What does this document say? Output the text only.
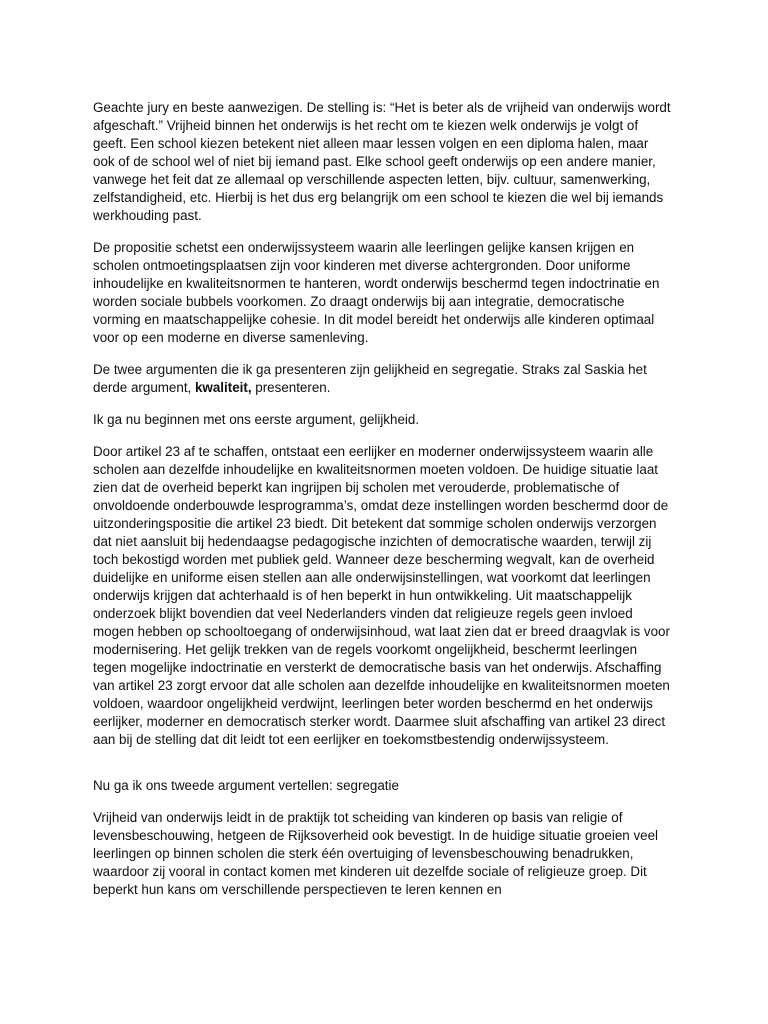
Geachte jury en beste aanwezigen. De stelling is: “Het is beter als de vrijheid van onderwijs wordt afgeschaft.” Vrijheid binnen het onderwijs is het recht om te kiezen welk onderwijs je volgt of geeft. Een school kiezen betekent niet alleen maar lessen volgen en een diploma halen, maar ook of de school wel of niet bij iemand past. Elke school geeft onderwijs op een andere manier, vanwege het feit dat ze allemaal op verschillende aspecten letten, bijv. cultuur, samenwerking, zelfstandigheid, etc. Hierbij is het dus erg belangrijk om een school te kiezen die wel bij iemands werkhouding past.

De propositie schetst een onderwijssysteem waarin alle leerlingen gelijke kansen krijgen en scholen ontmoetingsplaatsen zijn voor kinderen met diverse achtergronden. Door uniforme inhoudelijke en kwaliteitsnormen te hanteren, wordt onderwijs beschermd tegen indoctrinatie en worden sociale bubbels voorkomen. Zo draagt onderwijs bij aan integratie, democratische vorming en maatschappelijke cohesie. In dit model bereidt het onderwijs alle kinderen optimaal voor op een moderne en diverse samenleving.

De twee argumenten die ik ga presenteren zijn gelijkheid en segregatie. Straks zal Saskia het derde argument, kwaliteit, presenteren.

Ik ga nu beginnen met ons eerste argument, gelijkheid.

Door artikel 23 af te schaffen, ontstaat een eerlijker en moderner onderwijssysteem waarin alle scholen aan dezelfde inhoudelijke en kwaliteitsnormen moeten voldoen. De huidige situatie laat zien dat de overheid beperkt kan ingrijpen bij scholen met verouderde, problematische of onvoldoende onderbouwde lesprogramma’s, omdat deze instellingen worden beschermd door de uitzonderingspositie die artikel 23 biedt. Dit betekent dat sommige scholen onderwijs verzorgen dat niet aansluit bij hedendaagse pedagogische inzichten of democratische waarden, terwijl zij toch bekostigd worden met publiek geld. Wanneer deze bescherming wegvalt, kan de overheid duidelijke en uniforme eisen stellen aan alle onderwijsinstellingen, wat voorkomt dat leerlingen onderwijs krijgen dat achterhaald is of hen beperkt in hun ontwikkeling. Uit maatschappelijk onderzoek blijkt bovendien dat veel Nederlanders vinden dat religieuze regels geen invloed mogen hebben op schooltoegang of onderwijsinhoud, wat laat zien dat er breed draagvlak is voor modernisering. Het gelijk trekken van de regels voorkomt ongelijkheid, beschermt leerlingen tegen mogelijke indoctrinatie en versterkt de democratische basis van het onderwijs. Afschaffing van artikel 23 zorgt ervoor dat alle scholen aan dezelfde inhoudelijke en kwaliteitsnormen moeten voldoen, waardoor ongelijkheid verdwijnt, leerlingen beter worden beschermd en het onderwijs eerlijker, moderner en democratisch sterker wordt. Daarmee sluit afschaffing van artikel 23 direct aan bij de stelling dat dit leidt tot een eerlijker en toekomstbestendig onderwijssysteem.

Nu ga ik ons tweede argument vertellen: segregatie

Vrijheid van onderwijs leidt in de praktijk tot scheiding van kinderen op basis van religie of levensbeschouwing, hetgeen de Rijksoverheid ook bevestigt. In de huidige situatie groeien veel leerlingen op binnen scholen die sterk één overtuiging of levensbeschouwing benadrukken, waardoor zij vooral in contact komen met kinderen uit dezelfde sociale of religieuze groep. Dit beperkt hun kans om verschillende perspectieven te leren kennen en
